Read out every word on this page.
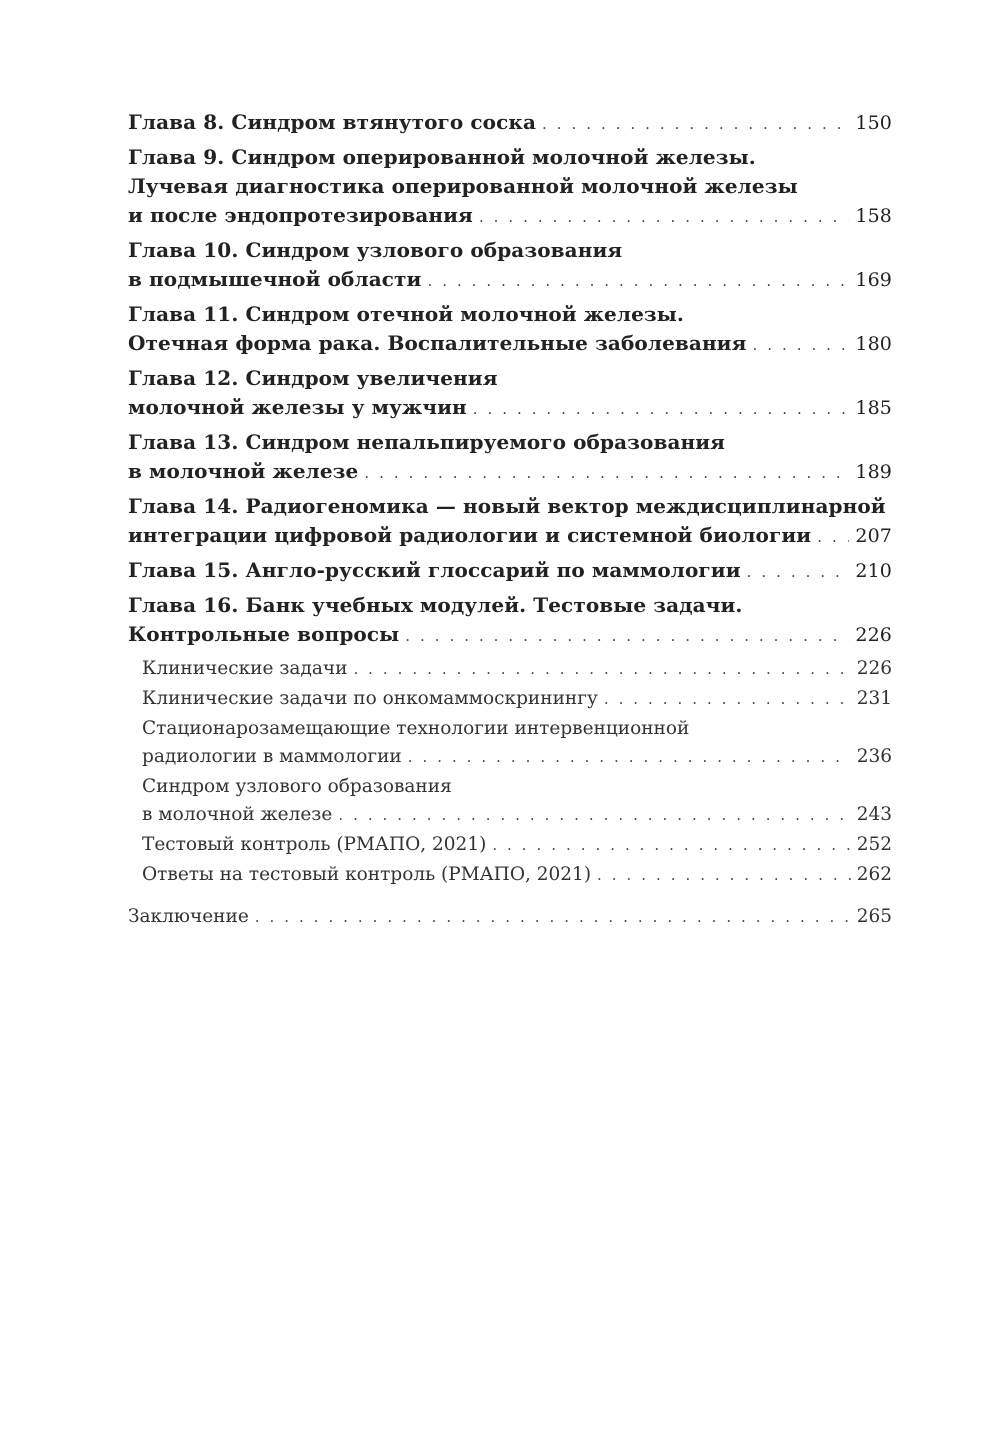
Глава 8. Синдром втянутого соска . . .	150
Глава 9. Синдром оперированной молочной железы.
Лучевая диагностика оперированной молочной железы
и после эндопротезирования . . .	158
Глава 10. Синдром узлового образования
в подмышечной области . . .	169
Глава 11. Синдром отечной молочной железы.
Отечная форма рака. Воспалительные заболевания . . .	180
Глава 12. Синдром увеличения
молочной железы у мужчин . . .	185
Глава 13. Синдром непальпируемого образования
в молочной железе . . .	189
Глава 14. Радиогеномика — новый вектор междисциплинарной
интеграции цифровой радиологии и системной биологии . . . 207
Глава 15. Англо-русский глоссарий по маммологии . . .	210
Глава 16. Банк учебных модулей. Тестовые задачи.
Контрольные вопросы . . .	226
Клинические задачи . . .	226
Клинические задачи по онкомаммоскринингу . . .	231
Стационарозамещающие технологии интервенционной
радиологии в маммологии . . .	236
Синдром узлового образования
в молочной железе . . .	243
Тестовый контроль (РМАПО, 2021) . . .	252
Ответы на тестовый контроль (РМАПО, 2021) . . .	262
Заключение . . .	265
